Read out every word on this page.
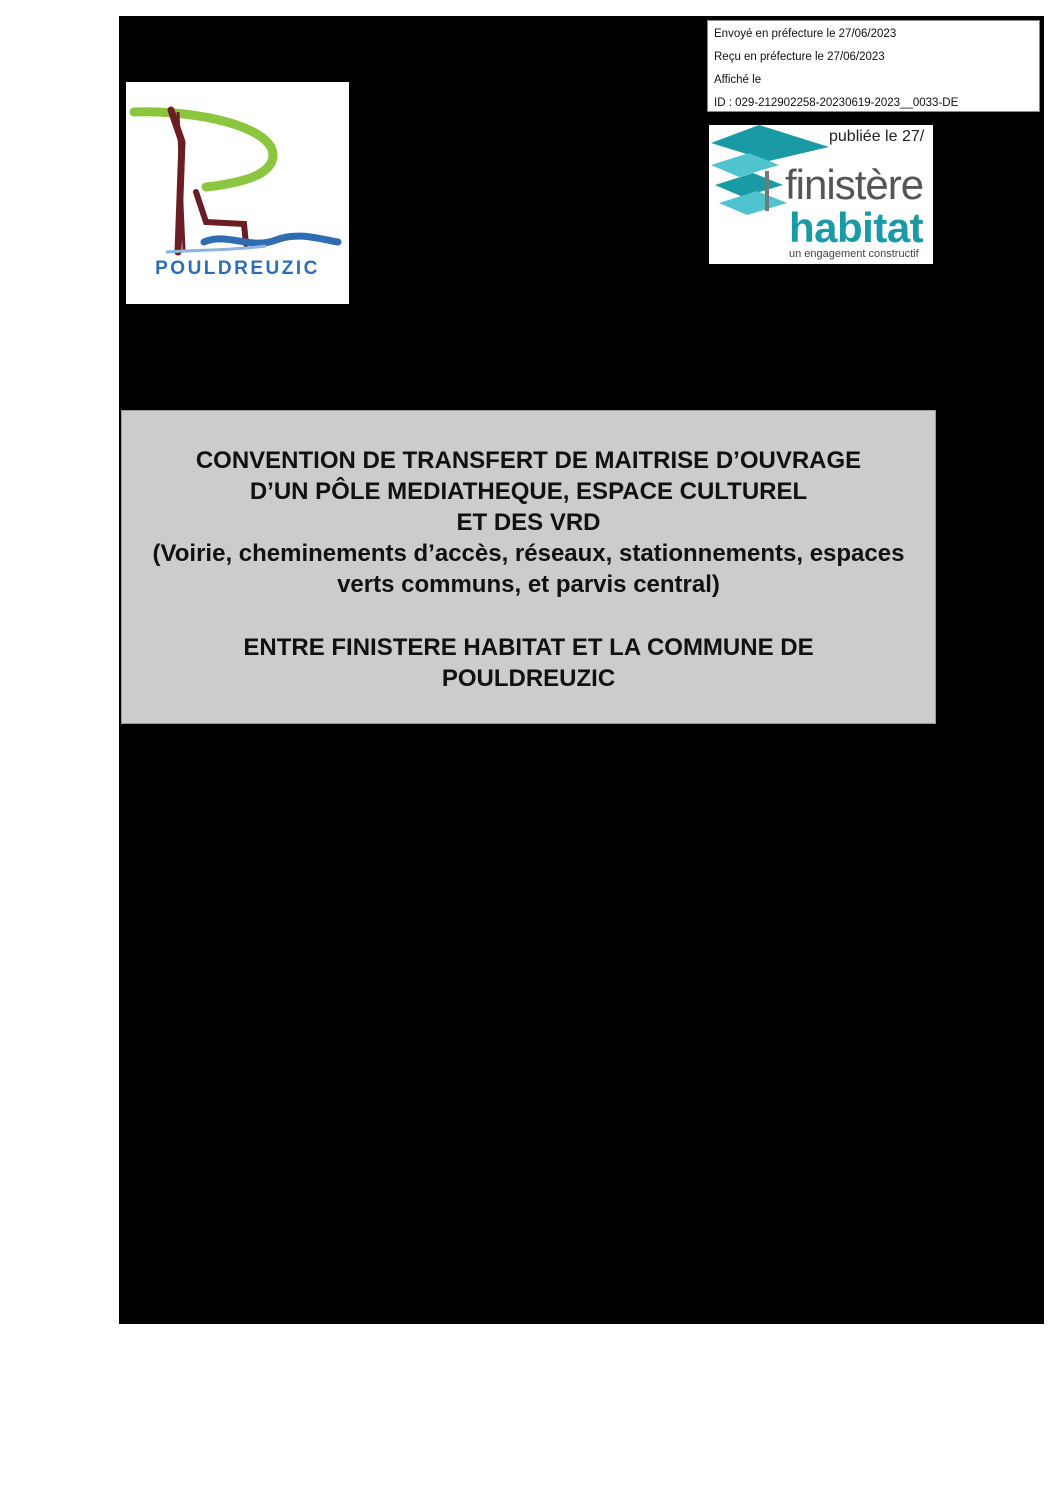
Envoyé en préfecture le 27/06/2023
Reçu en préfecture le 27/06/2023
Affiché le
ID : 029-212902258-20230619-2023__0033-DE
POULDREUZIC
publiée le 27/
finistère
habitat
un engagement constructif
CONVENTION DE TRANSFERT DE MAITRISE D’OUVRAGE
D’UN PÔLE MEDIATHEQUE, ESPACE CULTUREL
ET DES VRD
(Voirie, cheminements d’accès, réseaux, stationnements, espaces
verts communs, et parvis central)
ENTRE FINISTERE HABITAT ET LA COMMUNE DE
POULDREUZIC
